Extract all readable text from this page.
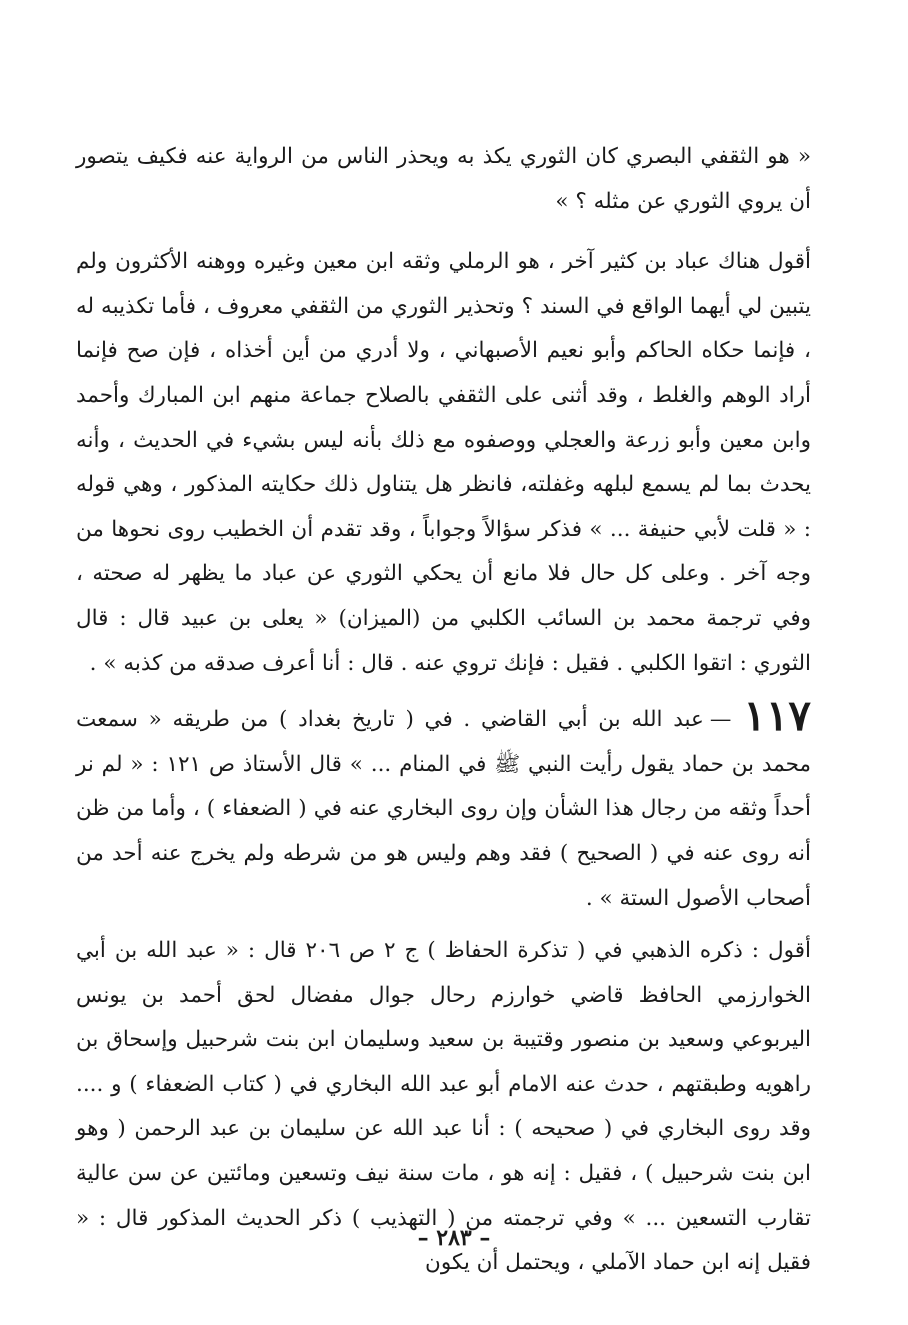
« هو الثقفي البصري كان الثوري يكذ به ويحذر الناس من الرواية عنه فكيف يتصور أن يروي الثوري عن مثله ؟ »

أقول هناك عباد بن كثير آخر ، هو الرملي وثقه ابن معين وغيره ووهنه الأكثرون ولم يتبين لي أيهما الواقع في السند ؟ وتحذير الثوري من الثقفي معروف ، فأما تكذيبه له ، فإنما حكاه الحاكم وأبو نعيم الأصبهاني ، ولا أدري من أين أخذاه ، فإن صح فإنما أراد الوهم والغلط ، وقد أثنى على الثقفي بالصلاح جماعة منهم ابن المبارك وأحمد وابن معين وأبو زرعة والعجلي ووصفوه مع ذلك بأنه ليس بشيء في الحديث ، وأنه يحدث بما لم يسمع لبلهه وغفلته، فانظر هل يتناول ذلك حكايته المذكور ، وهي قوله : « قلت لأبي حنيفة ... » فذكر سؤالاً وجواباً ، وقد تقدم أن الخطيب روى نحوها من وجه آخر . وعلى كل حال فلا مانع أن يحكي الثوري عن عباد ما يظهر له صحته ، وفي ترجمة محمد بن السائب الكلبي من (الميزان) « يعلى بن عبيد قال : قال الثوري : اتقوا الكلبي . فقيل : فإنك تروي عنه . قال : أنا أعرف صدقه من كذبه » .

١١٧—عبد الله بن أبي القاضي . في ( تاريخ بغداد ) من طريقه « سمعت محمد بن حماد يقول رأيت النبي ﷺ في المنام ... » قال الأستاذ ص ١٢١ : « لم نر أحداً وثقه من رجال هذا الشأن وإن روى البخاري عنه في ( الضعفاء ) ، وأما من ظن أنه روى عنه في ( الصحيح ) فقد وهم وليس هو من شرطه ولم يخرج عنه أحد من أصحاب الأصول الستة » .

أقول : ذكره الذهبي في ( تذكرة الحفاظ ) ج ٢ ص ٢٠٦ قال : « عبد الله بن أبي الخوارزمي الحافظ قاضي خوارزم رحال جوال مفضال لحق أحمد بن يونس اليربوعي وسعيد بن منصور وقتيبة بن سعيد وسليمان ابن بنت شرحبيل وإسحاق بن راهويه وطبقتهم ، حدث عنه الامام أبو عبد الله البخاري في ( كتاب الضعفاء ) و .... وقد روى البخاري في ( صحيحه ) : أنا عبد الله عن سليمان بن عبد الرحمن ( وهو ابن بنت شرحبيل ) ، فقيل : إنه هو ، مات سنة نيف وتسعين ومائتين عن سن عالية تقارب التسعين ... » وفي ترجمته من ( التهذيب ) ذكر الحديث المذكور قال : « فقيل إنه ابن حماد الآملي ، ويحتمل أن يكون

– ٢٨٣ –
